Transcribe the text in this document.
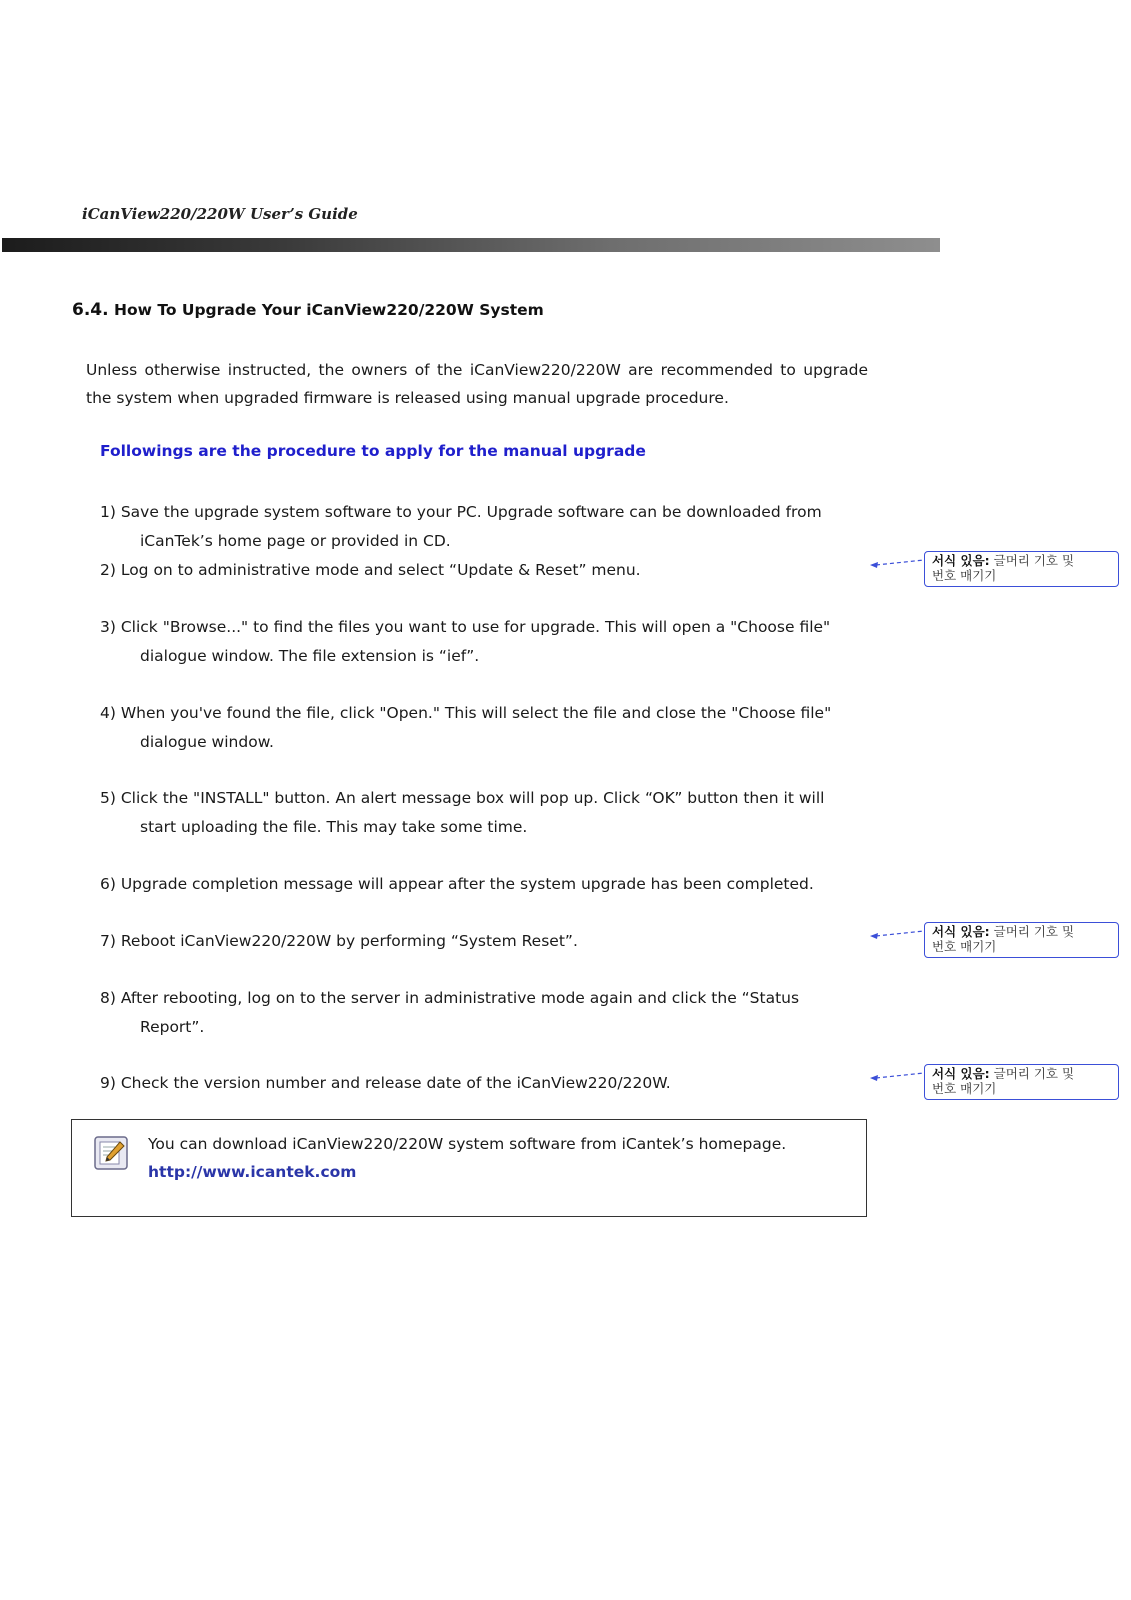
iCanView220/220W User’s Guide
6.4. How To Upgrade Your iCanView220/220W System
Unless otherwise instructed, the owners of the iCanView220/220W are recommended to upgrade the system when upgraded firmware is released using manual upgrade procedure.
Followings are the procedure to apply for the manual upgrade
1) Save the upgrade system software to your PC. Upgrade software can be downloaded from
iCanTek’s home page or provided in CD.
2) Log on to administrative mode and select “Update & Reset” menu.
3) Click "Browse..." to find the files you want to use for upgrade. This will open a "Choose file"
dialogue window. The file extension is “ief”.
4) When you've found the file, click "Open." This will select the file and close the "Choose file"
dialogue window.
5) Click the "INSTALL" button. An alert message box will pop up. Click “OK” button then it will
start uploading the file. This may take some time.
6) Upgrade completion message will appear after the system upgrade has been completed.
7) Reboot iCanView220/220W by performing “System Reset”.
8) After rebooting, log on to the server in administrative mode again and click the “Status
Report”.
9) Check the version number and release date of the iCanView220/220W.
You can download iCanView220/220W system software from iCantek’s homepage.
http://www.icantek.com
서식 있음: 글머리 기호 및
번호 매기기
서식 있음: 글머리 기호 및
번호 매기기
서식 있음: 글머리 기호 및
번호 매기기
